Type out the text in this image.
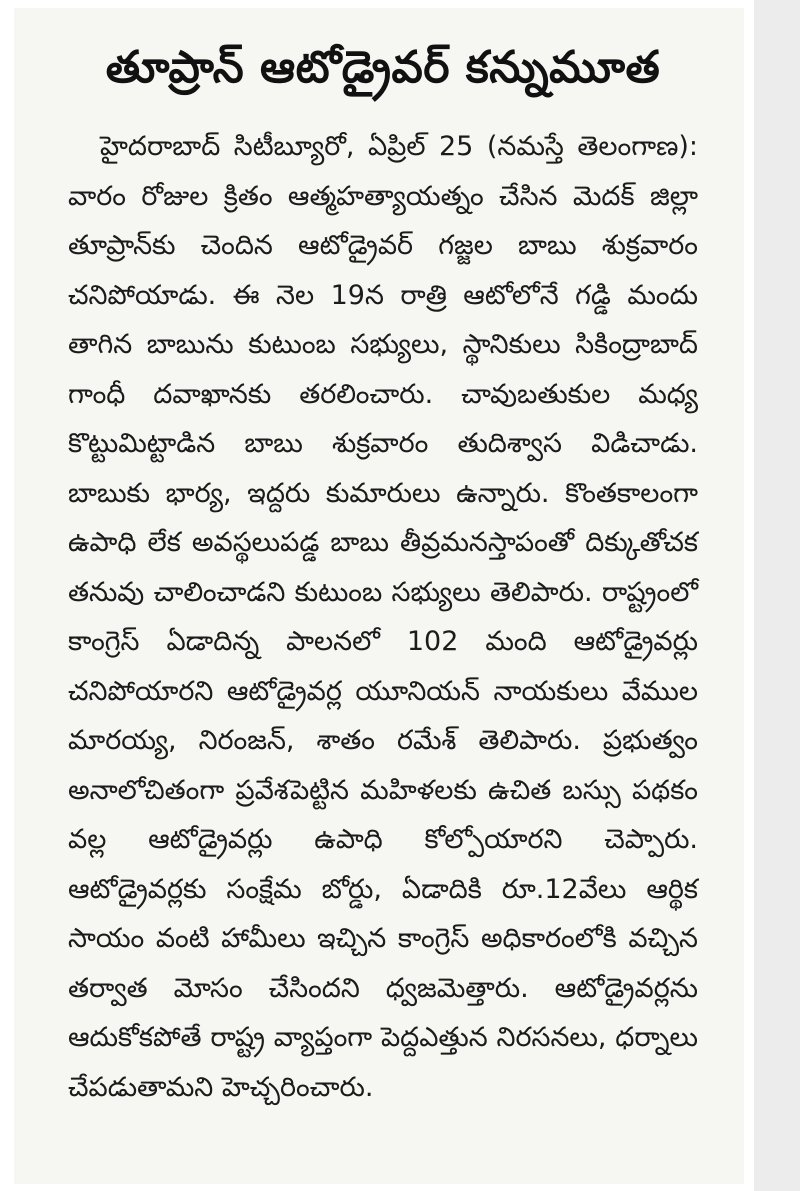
తూప్రాన్ ఆటోడ్రైవర్ కన్నుమూత

హైదరాబాద్ సిటీబ్యూరో, ఏప్రిల్ 25 (నమస్తే తెలంగాణ): వారం రోజుల క్రితం ఆత్మహత్యాయత్నం చేసిన మెదక్ జిల్లా తూప్రాన్‌కు చెందిన ఆటోడ్రైవర్ గజ్జల బాబు శుక్రవారం చనిపోయాడు. ఈ నెల 19న రాత్రి ఆటోలోనే గడ్డి మందు తాగిన బాబును కుటుంబ సభ్యులు, స్థానికులు సికింద్రాబాద్ గాంధీ దవాఖానకు తరలించారు. చావుబతుకుల మధ్య కొట్టుమిట్టాడిన బాబు శుక్రవారం తుదిశ్వాస విడిచాడు. బాబుకు భార్య, ఇద్దరు కుమారులు ఉన్నారు. కొంతకాలంగా ఉపాధి లేక అవస్థలుపడ్డ బాబు తీవ్రమనస్తాపంతో దిక్కుతోచక తనువు చాలించాడని కుటుంబ సభ్యులు తెలిపారు. రాష్ట్రంలో కాంగ్రెస్ ఏడాదిన్న పాలనలో 102 మంది ఆటోడ్రైవర్లు చనిపోయారని ఆటోడ్రైవర్ల యూనియన్ నాయకులు వేముల మారయ్య, నిరంజన్, శాతం రమేశ్ తెలిపారు. ప్రభుత్వం అనాలోచితంగా ప్రవేశపెట్టిన మహిళలకు ఉచిత బస్సు పథకం వల్ల ఆటోడ్రైవర్లు ఉపాధి కోల్పోయారని చెప్పారు. ఆటోడ్రైవర్లకు సంక్షేమ బోర్డు, ఏడాదికి రూ.12వేలు ఆర్థిక సాయం వంటి హామీలు ఇచ్చిన కాంగ్రెస్ అధికారంలోకి వచ్చిన తర్వాత మోసం చేసిందని ధ్వజమెత్తారు. ఆటోడ్రైవర్లను ఆదుకోకపోతే రాష్ట్ర వ్యాప్తంగా పెద్దఎత్తున నిరసనలు, ధర్నాలు చేపడుతామని హెచ్చరించారు.
